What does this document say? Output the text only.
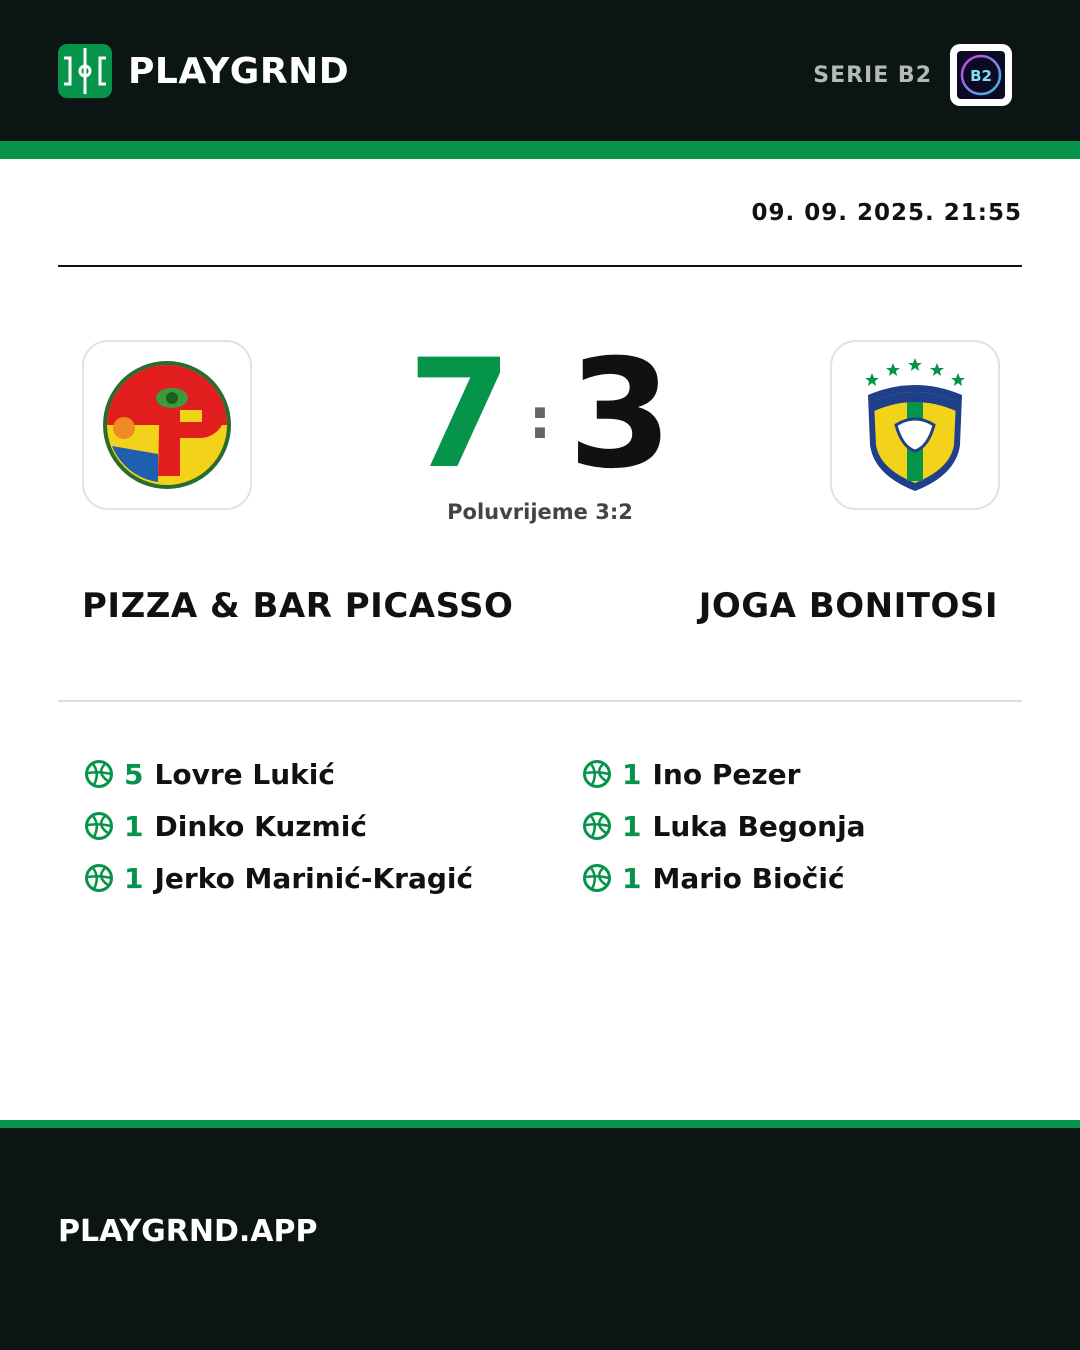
PLAYGRND	SERIE B2	B2
09. 09. 2025. 21:55
7 : 3
Poluvrijeme 3:2
PIZZA & BAR PICASSO	JOGA BONITOSI
5 Lovre Lukić
1 Dinko Kuzmić
1 Jerko Marinić-Kragić
1 Ino Pezer
1 Luka Begonja
1 Mario Biočić
PLAYGRND.APP
